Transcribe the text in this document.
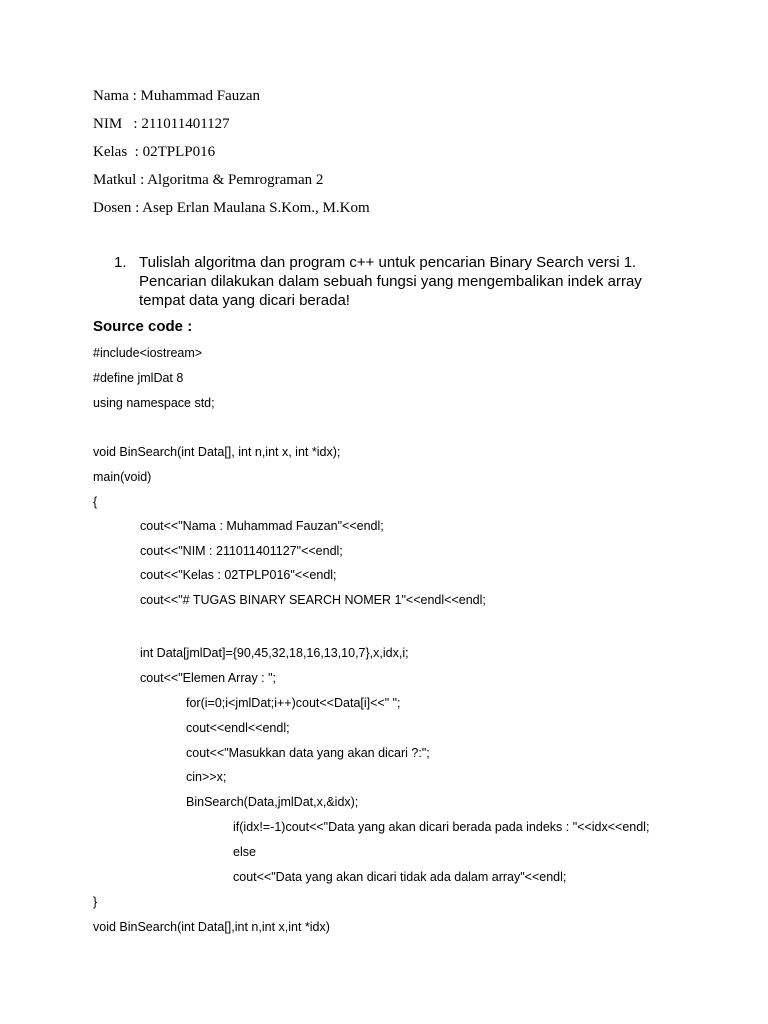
Nama : Muhammad Fauzan
NIM   : 211011401127
Kelas  : 02TPLP016
Matkul : Algoritma & Pemrograman 2
Dosen : Asep Erlan Maulana S.Kom., M.Kom
1. Tulislah algoritma dan program c++ untuk pencarian Binary Search versi 1. Pencarian dilakukan dalam sebuah fungsi yang mengembalikan indek array tempat data yang dicari berada!
Source code :
#include<iostream>
#define jmlDat 8
using namespace std;
void BinSearch(int Data[], int n,int x, int *idx);
main(void)
{
cout<<"Nama : Muhammad Fauzan"<<endl;
cout<<"NIM : 211011401127"<<endl;
cout<<"Kelas : 02TPLP016"<<endl;
cout<<"# TUGAS BINARY SEARCH NOMER 1"<<endl<<endl;
int Data[jmlDat]={90,45,32,18,16,13,10,7},x,idx,i;
cout<<"Elemen Array : ";
for(i=0;i<jmlDat;i++)cout<<Data[i]<<" ";
cout<<endl<<endl;
cout<<"Masukkan data yang akan dicari ?:";
cin>>x;
BinSearch(Data,jmlDat,x,&idx);
if(idx!=-1)cout<<"Data yang akan dicari berada pada indeks : "<<idx<<endl;
else
cout<<"Data yang akan dicari tidak ada dalam array"<<endl;
}
void BinSearch(int Data[],int n,int x,int *idx)
